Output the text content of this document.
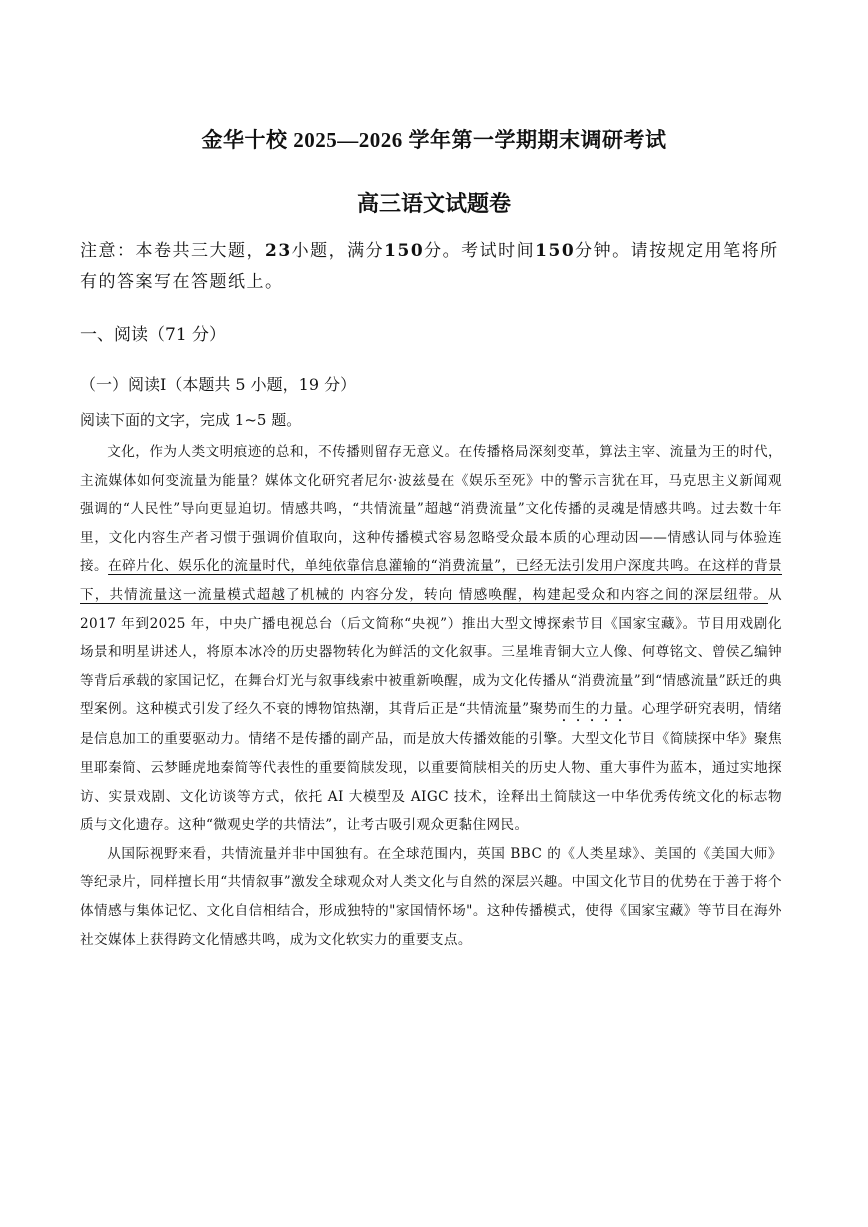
金华十校 2025—2026 学年第一学期期末调研考试
高三语文试题卷
注意：本卷共三大题，23小题，满分150分。考试时间150分钟。请按规定用笔将所有的答案写在答题纸上。
一、阅读（71 分）
（一）阅读Ⅰ（本题共 5 小题，19 分）
阅读下面的文字，完成 1~5 题。

文化，作为人类文明痕迹的总和，不传播则留存无意义。在传播格局深刻变革，算法主宰、流量为王的时代，主流媒体如何变流量为能量？媒体文化研究者尼尔·波兹曼在《娱乐至死》中的警示言犹在耳，马克思主义新闻观强调的“人民性”导向更显迫切。情感共鸣，“共情流量”超越“消费流量”文化传播的灵魂是情感共鸣。过去数十年里，文化内容生产者习惯于强调价值取向，这种传播模式容易忽略受众最本质的心理动因——情感认同与体验连接。在碎片化、娱乐化的流量时代，单纯依靠信息灌输的“消费流量”，已经无法引发用户深度共鸣。在这样的背景下，共情流量这一流量模式超越了机械的 内容分发，转向 情感唤醒，构建起受众和内容之间的深层纽带。从 2017 年到2025 年，中央广播电视总台（后文简称“央视”）推出大型文博探索节目《国家宝藏》。节目用戏剧化场景和明星讲述人，将原本冰冷的历史器物转化为鲜活的文化叙事。三星堆青铜大立人像、何尊铭文、曾侯乙编钟等背后承载的家国记忆，在舞台灯光与叙事线索中被重新唤醒，成为文化传播从“消费流量”到“情感流量”跃迁的典型案例。这种模式引发了经久不衰的博物馆热潮，其背后正是“共情流量”聚势而生的力量。心理学研究表明，情绪是信息加工的重要驱动力。情绪不是传播的副产品，而是放大传播效能的引擎。大型文化节目《简牍探中华》聚焦里耶秦简、云梦睡虎地秦简等代表性的重要简牍发现，以重要简牍相关的历史人物、重大事件为蓝本，通过实地探访、实景戏剧、文化访谈等方式，依托 AI 大模型及 AIGC 技术，诠释出土简牍这一中华优秀传统文化的标志物质与文化遗存。这种“微观史学的共情法”，让考古吸引观众更黏住网民。

从国际视野来看，共情流量并非中国独有。在全球范围内，英国 BBC 的《人类星球》、美国的《美国大师》等纪录片，同样擅长用“共情叙事”激发全球观众对人类文化与自然的深层兴趣。中国文化节目的优势在于善于将个体情感与集体记忆、文化自信相结合，形成独特的"家国情怀场"。这种传播模式，使得《国家宝藏》等节目在海外社交媒体上获得跨文化情感共鸣，成为文化软实力的重要支点。
